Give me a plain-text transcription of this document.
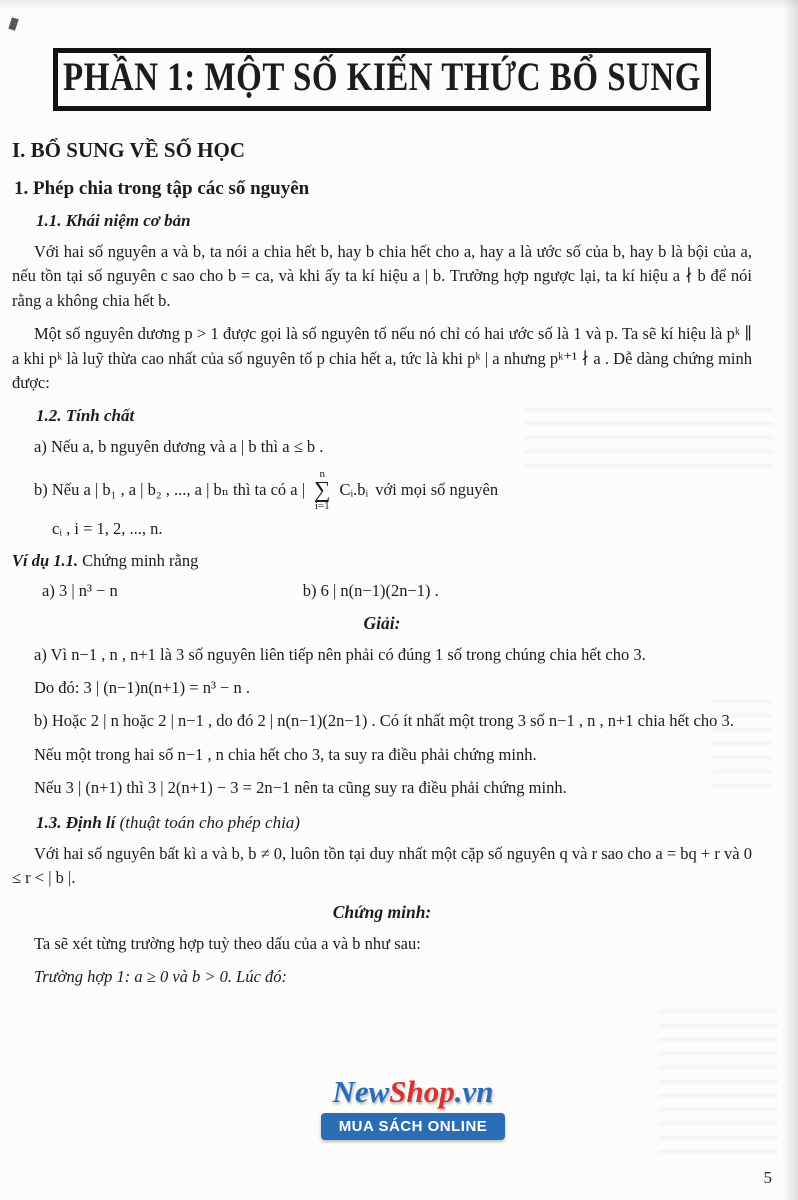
PHẦN 1: MỘT SỐ KIẾN THỨC BỔ SUNG
I. BỔ SUNG VỀ SỐ HỌC
1. Phép chia trong tập các số nguyên
1.1. Khái niệm cơ bản

Với hai số nguyên a và b, ta nói a chia hết b, hay b chia hết cho a, hay a là ước số của b, hay b là bội của a, nếu tồn tại số nguyên c sao cho b = ca, và khi ấy ta kí hiệu a | b. Trường hợp ngược lại, ta kí hiệu a ∤ b để nói rằng a không chia hết b.

Một số nguyên dương p > 1 được gọi là số nguyên tố nếu nó chỉ có hai ước số là 1 và p. Ta sẽ kí hiệu là pᵏ ∥ a khi pᵏ là luỹ thừa cao nhất của số nguyên tố p chia hết a, tức là khi pᵏ | a nhưng pᵏ⁺¹ ∤ a . Dễ dàng chứng minh được:

1.2. Tính chất

a) Nếu a, b nguyên dương và a | b thì a ≤ b .

b) Nếu a | b₁ , a | b₂ , ..., a | bₙ thì ta có a |
n
∑
i=1
Cᵢ.bᵢ với mọi số nguyên
cᵢ , i = 1, 2, ..., n.

Ví dụ 1.1. Chứng minh rằng

a) 3 | n³ − n	b) 6 | n(n−1)(2n−1) .
Giải:

a) Vì n−1 , n , n+1 là 3 số nguyên liên tiếp nên phải có đúng 1 số trong chúng chia hết cho 3.

Do đó: 3 | (n−1)n(n+1) = n³ − n .

b) Hoặc 2 | n hoặc 2 | n−1 , do đó 2 | n(n−1)(2n−1) . Có ít nhất một trong 3 số n−1 , n , n+1 chia hết cho 3.

Nếu một trong hai số n−1 , n chia hết cho 3, ta suy ra điều phải chứng minh.

Nếu 3 | (n+1) thì 3 | 2(n+1) − 3 = 2n−1 nên ta cũng suy ra điều phải chứng minh.

1.3. Định lí (thuật toán cho phép chia)

Với hai số nguyên bất kì a và b, b ≠ 0, luôn tồn tại duy nhất một cặp số nguyên q và r sao cho a = bq + r và 0 ≤ r < | b |.

Chứng minh:

Ta sẽ xét từng trường hợp tuỳ theo dấu của a và b như sau:

Trường hợp 1: a ≥ 0 và b > 0. Lúc đó:

NewShop.vn
MUA SÁCH ONLINE
5
